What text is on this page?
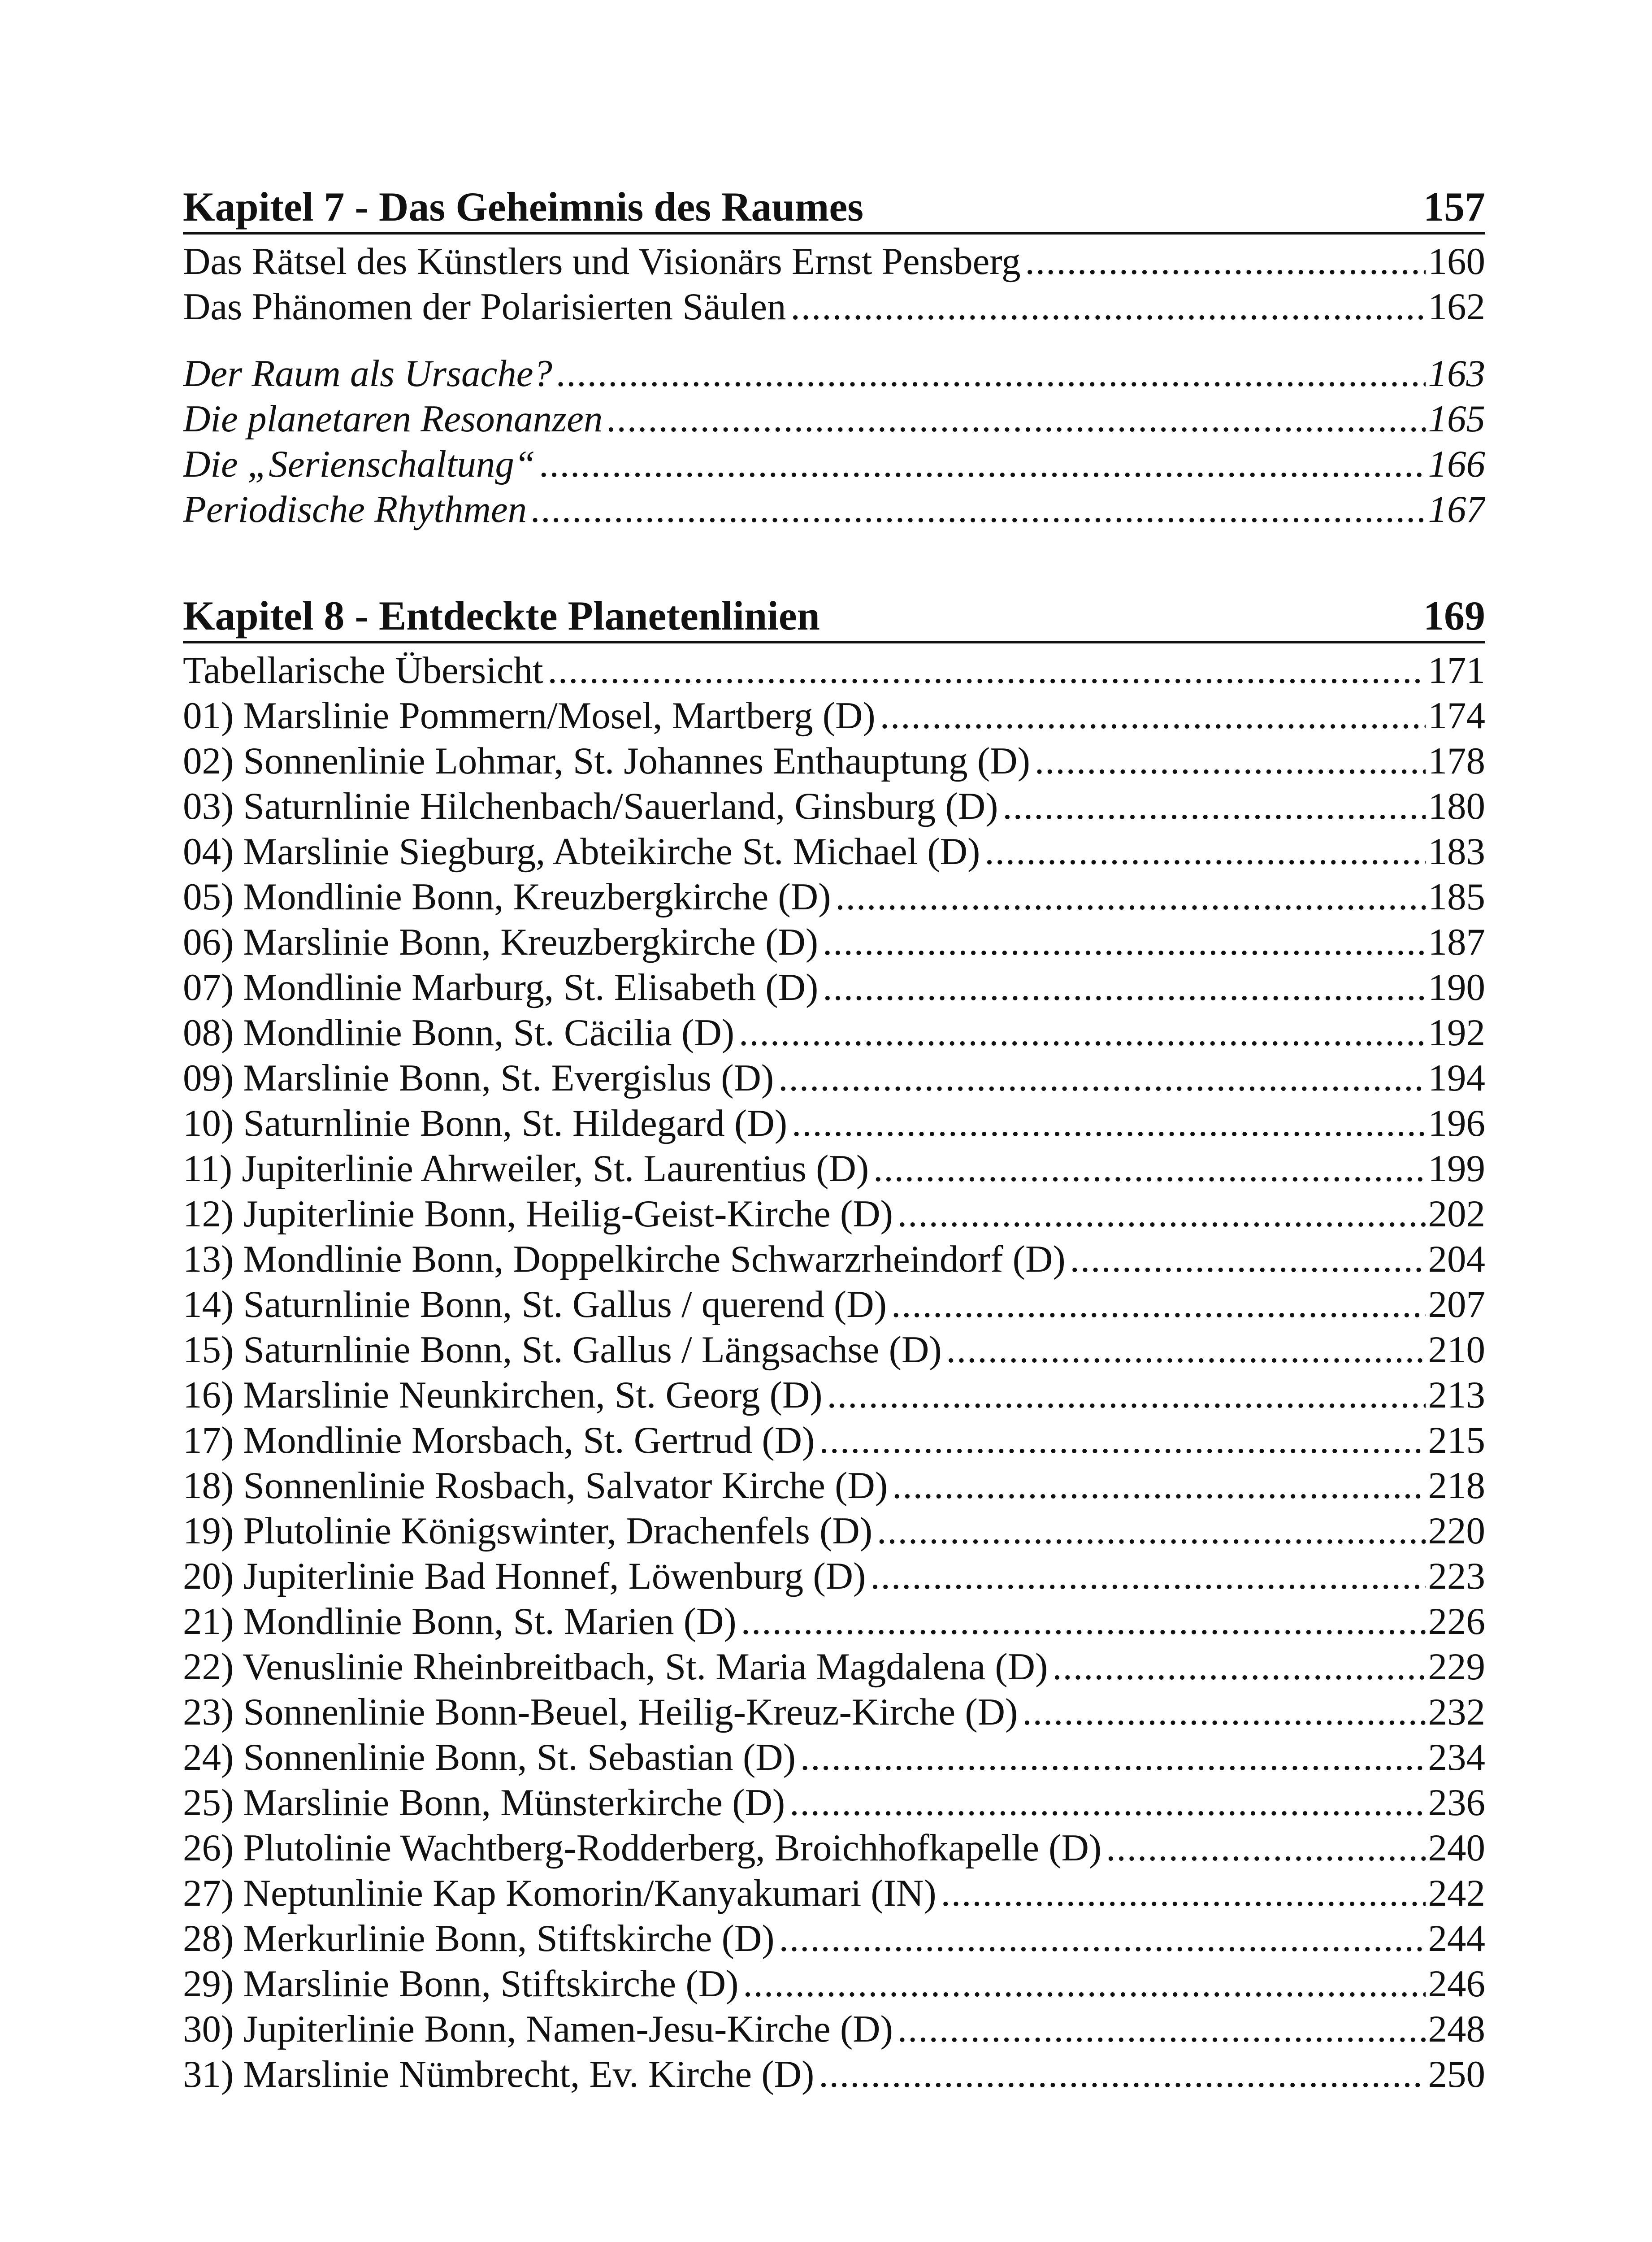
Kapitel 7 - Das Geheimnis des Raumes	157
Das Rätsel des Künstlers und Visionärs Ernst Pensberg .....	160
Das Phänomen der Polarisierten Säulen .....	162
Der Raum als Ursache? .....	163
Die planetaren Resonanzen .....	165
Die „Serienschaltung“ .....	166
Periodische Rhythmen .....	167
Kapitel 8 - Entdeckte Planetenlinien	169
Tabellarische Übersicht .....	171
01) Marslinie Pommern/Mosel, Martberg (D) .....	174
02) Sonnenlinie Lohmar, St. Johannes Enthauptung (D) .....	178
03) Saturnlinie Hilchenbach/Sauerland, Ginsburg (D) .....	180
04) Marslinie Siegburg, Abteikirche St. Michael (D) .....	183
05) Mondlinie Bonn, Kreuzbergkirche (D) .....	185
06) Marslinie Bonn, Kreuzbergkirche (D) .....	187
07) Mondlinie Marburg, St. Elisabeth (D) .....	190
08) Mondlinie Bonn, St. Cäcilia (D) .....	192
09) Marslinie Bonn, St. Evergislus (D) .....	194
10) Saturnlinie Bonn, St. Hildegard (D) .....	196
11) Jupiterlinie Ahrweiler, St. Laurentius (D) .....	199
12) Jupiterlinie Bonn, Heilig-Geist-Kirche (D) .....	202
13) Mondlinie Bonn, Doppelkirche Schwarzrheindorf (D) .....	204
14) Saturnlinie Bonn, St. Gallus / querend (D) .....	207
15) Saturnlinie Bonn, St. Gallus / Längsachse (D) .....	210
16) Marslinie Neunkirchen, St. Georg (D) .....	213
17) Mondlinie Morsbach, St. Gertrud (D) .....	215
18) Sonnenlinie Rosbach, Salvator Kirche (D) .....	218
19) Plutolinie Königswinter, Drachenfels (D) .....	220
20) Jupiterlinie Bad Honnef, Löwenburg (D) .....	223
21) Mondlinie Bonn, St. Marien (D) .....	226
22) Venuslinie Rheinbreitbach, St. Maria Magdalena (D) .....	229
23) Sonnenlinie Bonn-Beuel, Heilig-Kreuz-Kirche (D) .....	232
24) Sonnenlinie Bonn, St. Sebastian (D) .....	234
25) Marslinie Bonn, Münsterkirche (D) .....	236
26) Plutolinie Wachtberg-Rodderberg, Broichhofkapelle (D) .....	240
27) Neptunlinie Kap Komorin/Kanyakumari (IN) .....	242
28) Merkurlinie Bonn, Stiftskirche (D) .....	244
29) Marslinie Bonn, Stiftskirche (D) .....	246
30) Jupiterlinie Bonn, Namen-Jesu-Kirche (D) .....	248
31) Marslinie Nümbrecht, Ev. Kirche (D) .....	250
